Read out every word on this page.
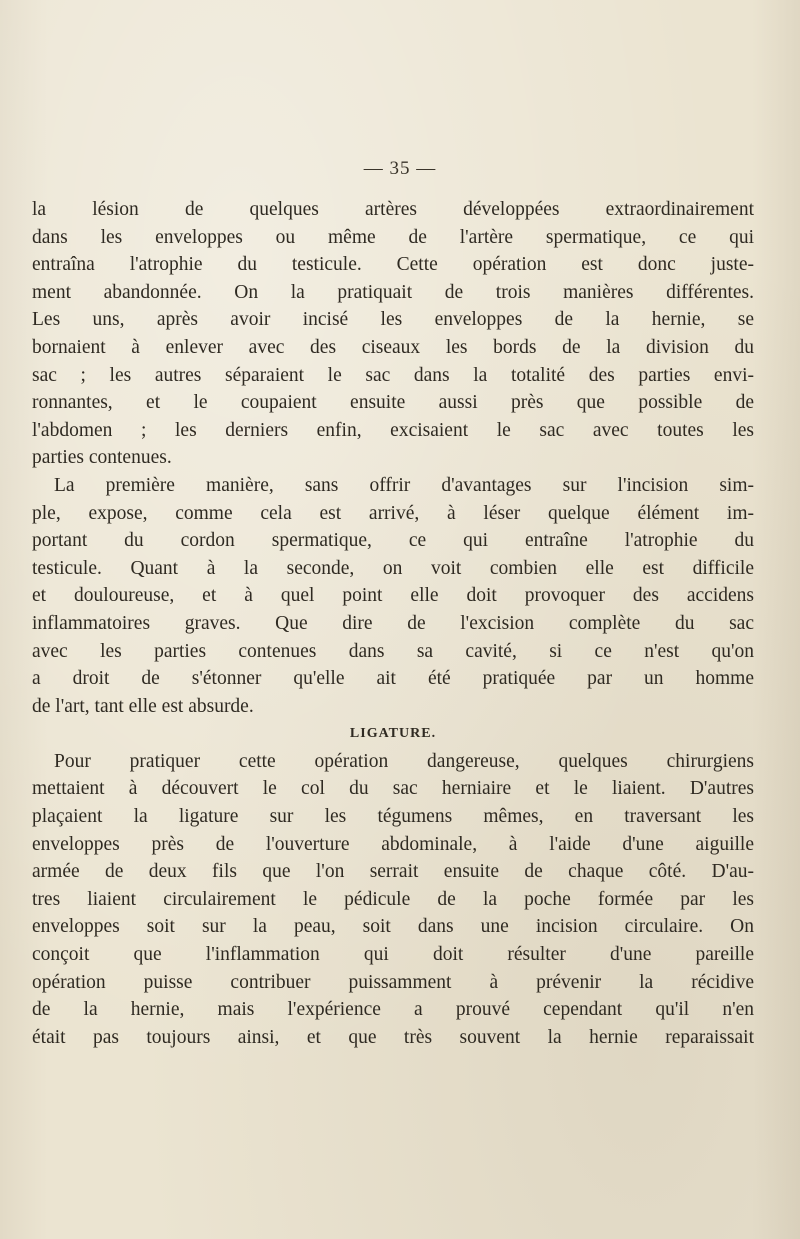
— 35 —
la lésion de quelques artères développées extraordinairement
dans les enveloppes ou même de l'artère spermatique, ce qui
entraîna l'atrophie du testicule. Cette opération est donc juste-
ment abandonnée. On la pratiquait de trois manières différentes.
Les uns, après avoir incisé les enveloppes de la hernie, se
bornaient à enlever avec des ciseaux les bords de la division du
sac ; les autres séparaient le sac dans la totalité des parties envi-
ronnantes, et le coupaient ensuite aussi près que possible de
l'abdomen ; les derniers enfin, excisaient le sac avec toutes les
parties contenues.
La première manière, sans offrir d'avantages sur l'incision sim-
ple, expose, comme cela est arrivé, à léser quelque élément im-
portant du cordon spermatique, ce qui entraîne l'atrophie du
testicule. Quant à la seconde, on voit combien elle est difficile
et douloureuse, et à quel point elle doit provoquer des accidens
inflammatoires graves. Que dire de l'excision complète du sac
avec les parties contenues dans sa cavité, si ce n'est qu'on
a droit de s'étonner qu'elle ait été pratiquée par un homme
de l'art, tant elle est absurde.
LIGATURE.
Pour pratiquer cette opération dangereuse, quelques chirurgiens
mettaient à découvert le col du sac herniaire et le liaient. D'autres
plaçaient la ligature sur les tégumens mêmes, en traversant les
enveloppes près de l'ouverture abdominale, à l'aide d'une aiguille
armée de deux fils que l'on serrait ensuite de chaque côté. D'au-
tres liaient circulairement le pédicule de la poche formée par les
enveloppes soit sur la peau, soit dans une incision circulaire. On
conçoit que l'inflammation qui doit résulter d'une pareille
opération puisse contribuer puissamment à prévenir la récidive
de la hernie, mais l'expérience a prouvé cependant qu'il n'en
était pas toujours ainsi, et que très souvent la hernie reparaissait
